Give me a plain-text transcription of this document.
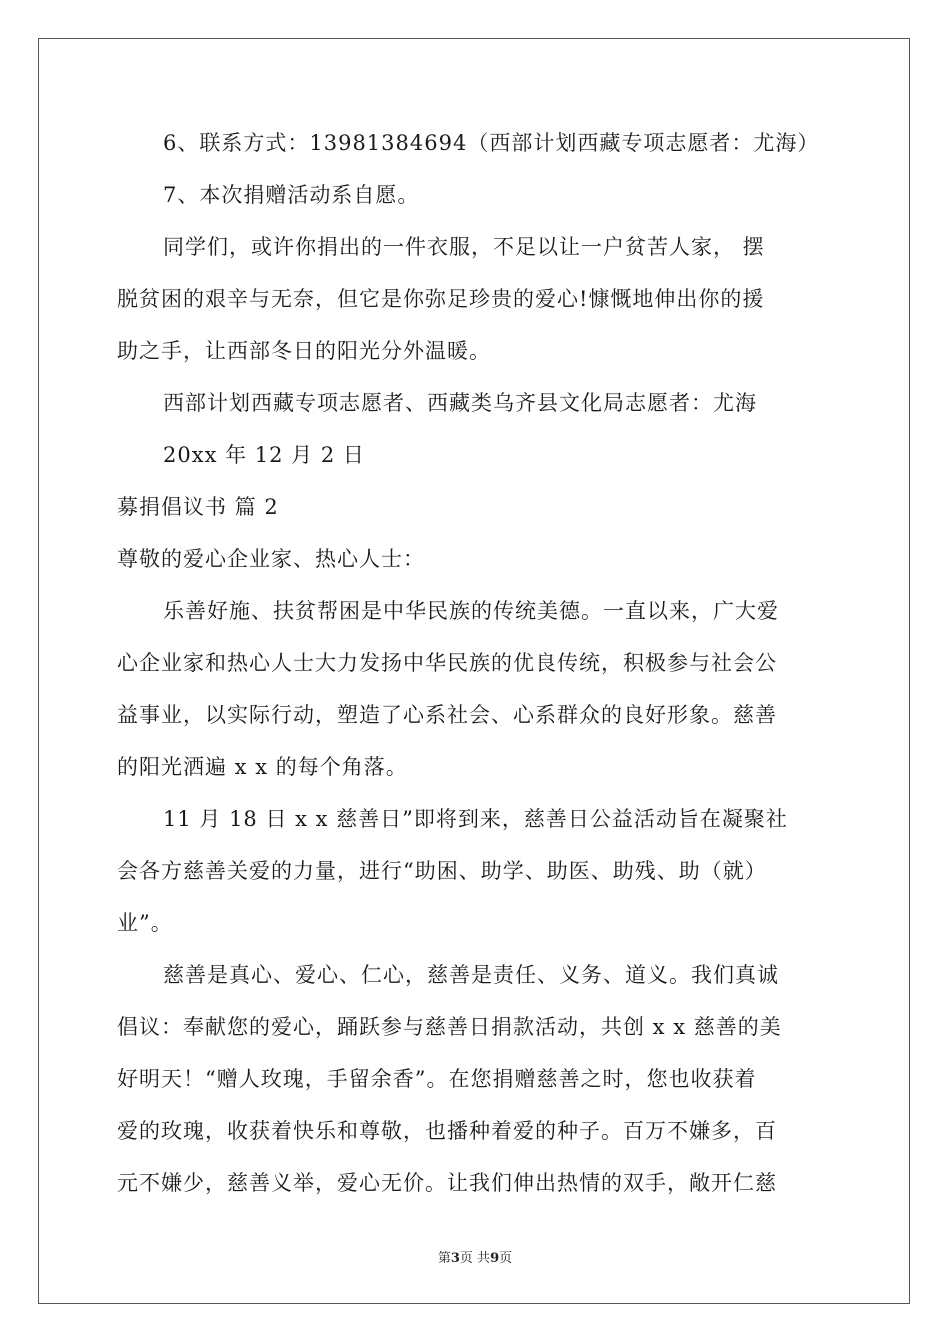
6、联系方式：13981384694（西部计划西藏专项志愿者：尤海）
7、本次捐赠活动系自愿。
同学们，或许你捐出的一件衣服，不足以让一户贫苦人家， 摆
脱贫困的艰辛与无奈，但它是你弥足珍贵的爱心!慷慨地伸出你的援
助之手，让西部冬日的阳光分外温暖。
西部计划西藏专项志愿者、西藏类乌齐县文化局志愿者：尤海
20xx 年 12 月 2 日
募捐倡议书 篇 2
尊敬的爱心企业家、热心人士：
乐善好施、扶贫帮困是中华民族的传统美德。一直以来，广大爱
心企业家和热心人士大力发扬中华民族的优良传统，积极参与社会公
益事业，以实际行动，塑造了心系社会、心系群众的良好形象。慈善
的阳光洒遍 x x 的每个角落。
11 月 18 日 x x 慈善日”即将到来，慈善日公益活动旨在凝聚社
会各方慈善关爱的力量，进行“助困、助学、助医、助残、助（就）
业”。
慈善是真心、爱心、仁心，慈善是责任、义务、道义。我们真诚
倡议：奉献您的爱心，踊跃参与慈善日捐款活动，共创 x x 慈善的美
好明天！“赠人玫瑰，手留余香”。在您捐赠慈善之时，您也收获着
爱的玫瑰，收获着快乐和尊敬，也播种着爱的种子。百万不嫌多，百
元不嫌少，慈善义举，爱心无价。让我们伸出热情的双手，敞开仁慈
第3页 共9页
